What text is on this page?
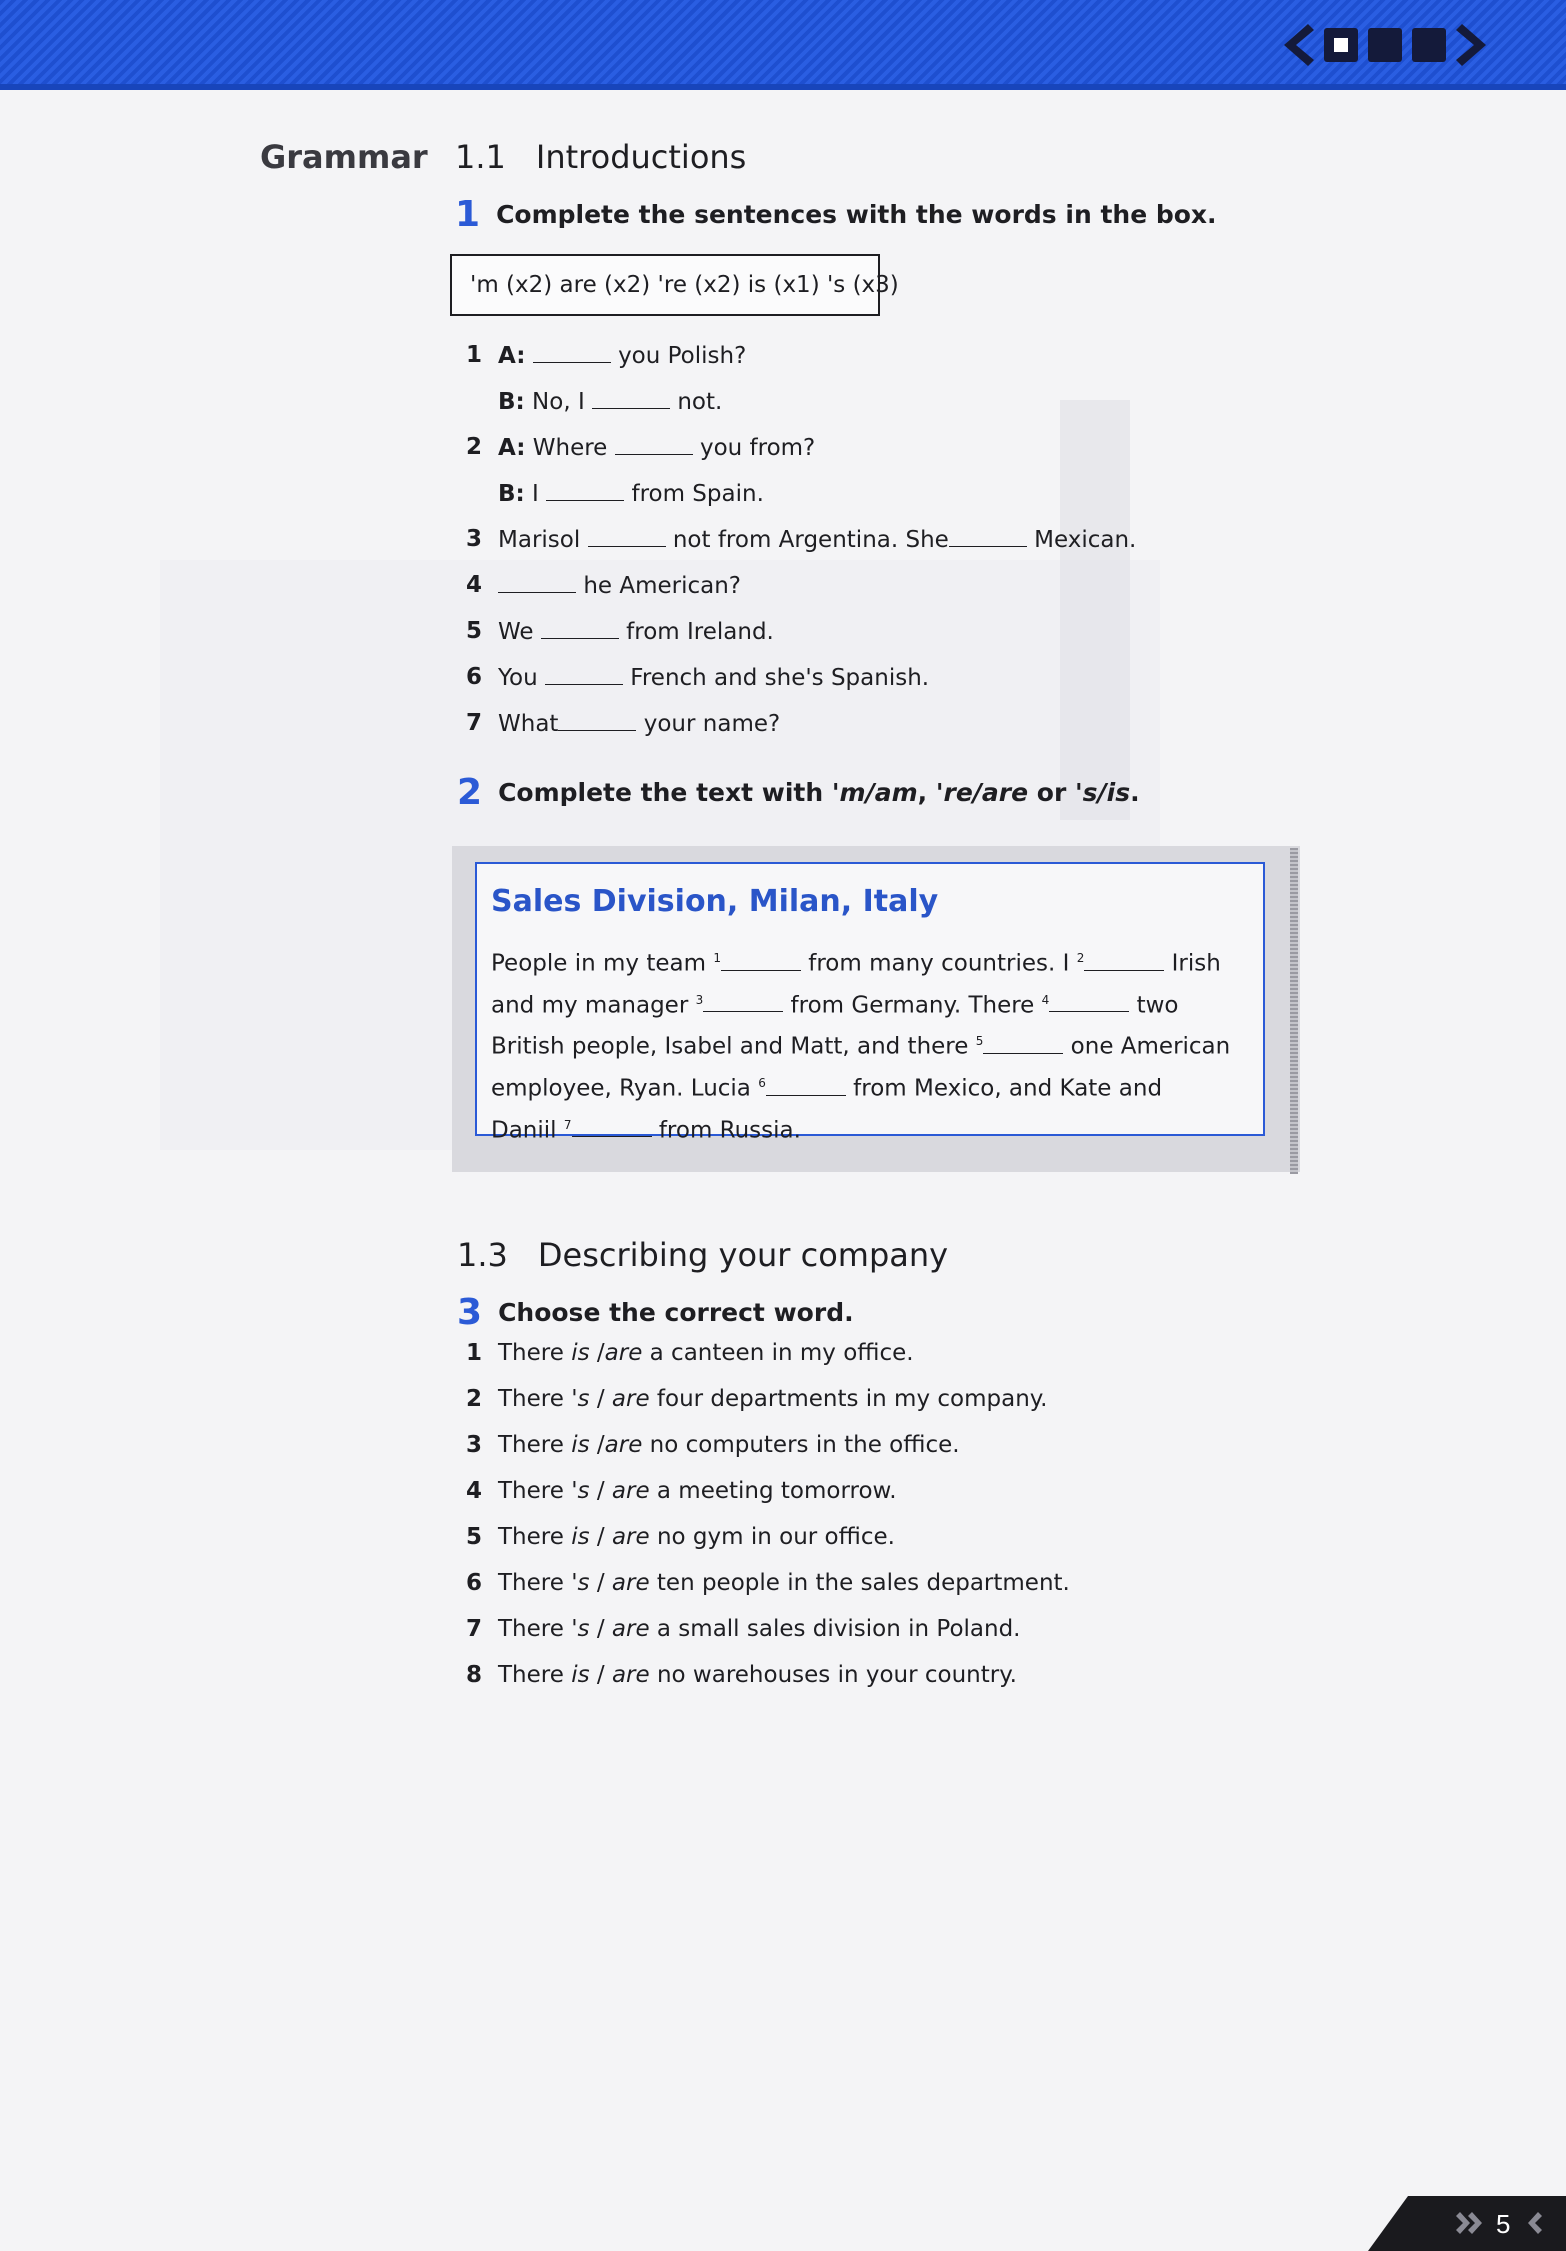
Grammar 1.1 Introductions
1 Complete the sentences with the words in the box.
'm (x2) are (x2) 're (x2) is (x1) 's (x3)
1 A:	you Polish?
B: No, I	not.
2 A: Where	you from?
B: I	from Spain.
3 Marisol	not from Argentina. She	Mexican.
4	he American?
5 We	from Ireland.
6 You	French and she's Spanish.
7 What	your name?
2 Complete the text with 'm/am, 're/are or 's/is.
Sales Division, Milan, Italy
People in my team $^1$	from many countries. I $^2$	Irish
and my manager $^3$	from Germany. There $^4$	two
British people, Isabel and Matt, and there $^5$	one American
employee, Ryan. Lucia $^6$	from Mexico, and Kate and
Daniil $^7$	from Russia.
1.3 Describing your company
3 Choose the correct word.
1 There is /are a canteen in my office.
2 There 's / are four departments in my company.
3 There is /are no computers in the office.
4 There 's / are a meeting tomorrow.
5 There is / are no gym in our office.
6 There 's / are ten people in the sales department.
7 There 's / are a small sales division in Poland.
8 There is / are no warehouses in your country.
5
